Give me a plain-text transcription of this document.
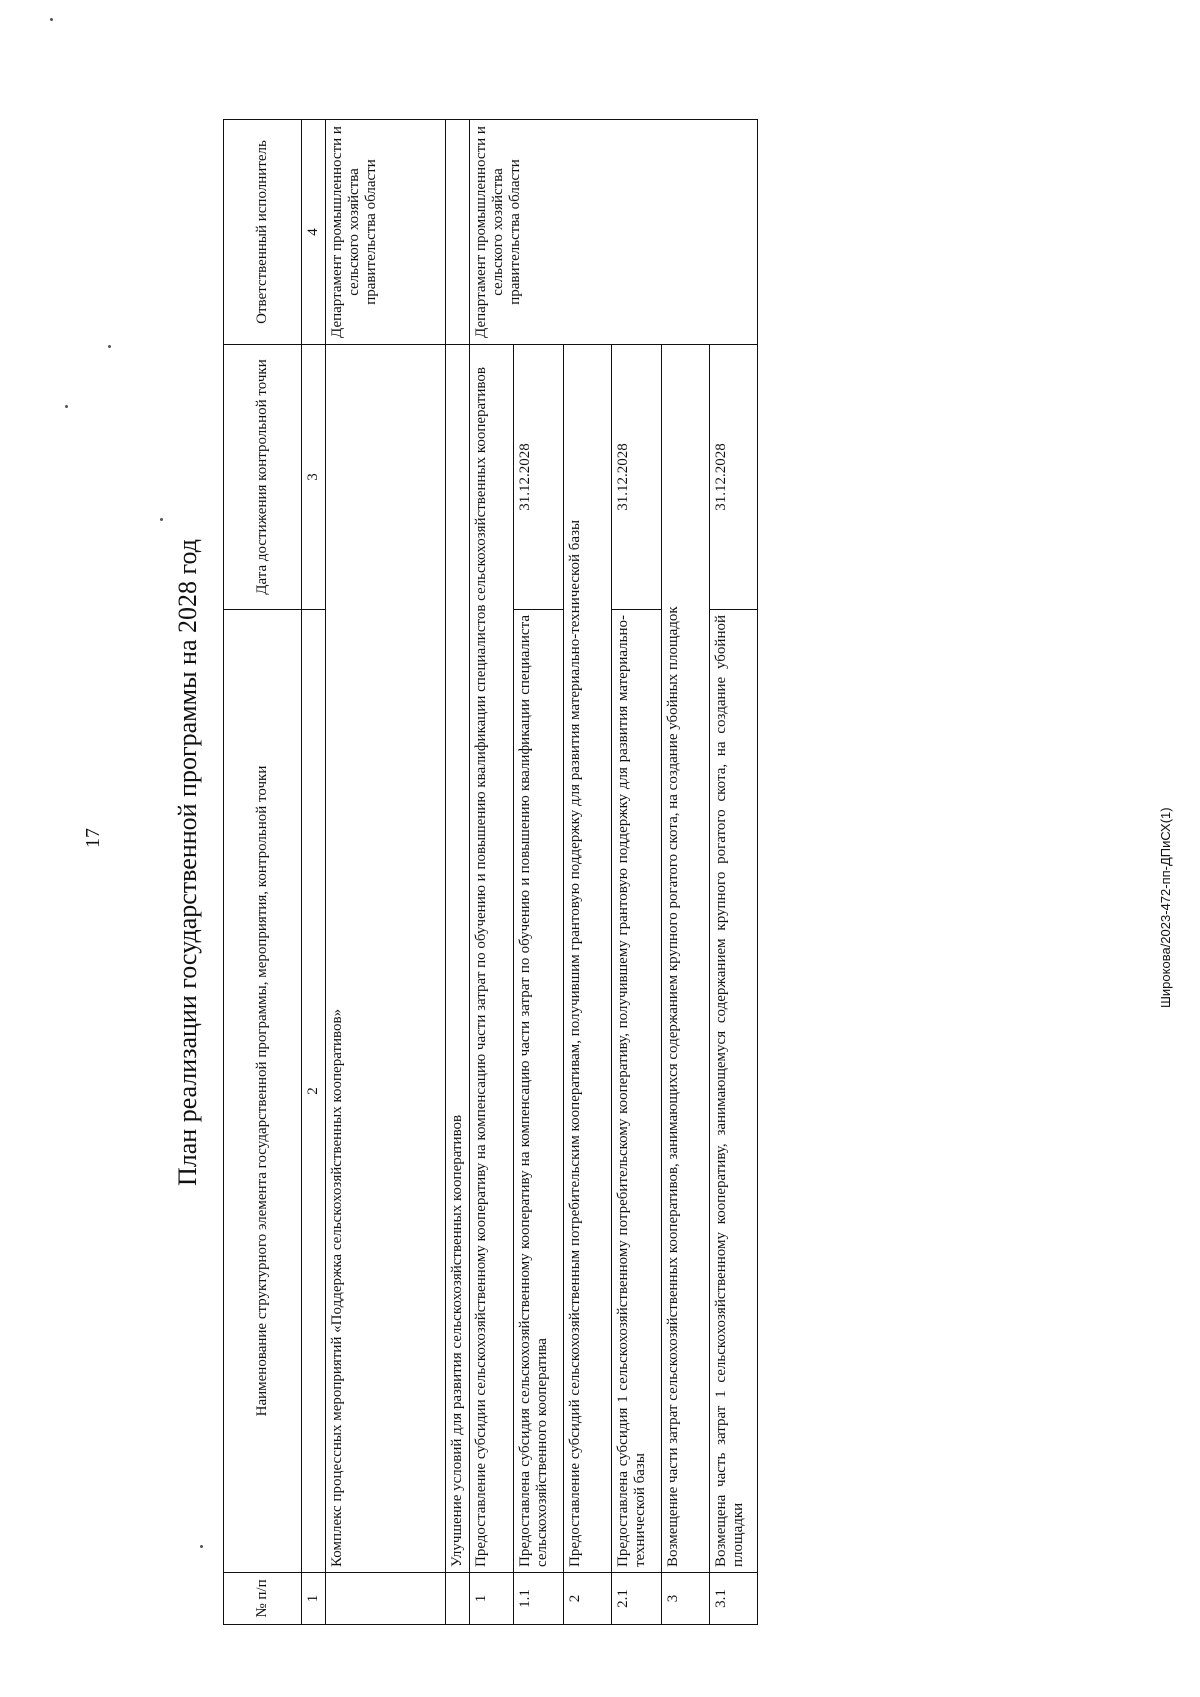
17	Широкова/2023-472-пп-ДПиСХ(1)
План реализации государственной программы на 2028 год
№ п/п	Наименование структурного элемента государственной программы, мероприятия, контрольной точки	Дата достижения контрольной точки	Ответственный исполнитель
1	2	3	4
	Комплекс процессных мероприятий «Поддержка сельскохозяйственных кооперативов»		Департамент промышленности и сельского хозяйства правительства области
	Улучшение условий для развития сельскохозяйственных кооперативов		
1	Предоставление субсидии сельскохозяйственному кооперативу на компенсацию части затрат по обучению и повышению квалификации специалистов сельскохозяйственных кооперативов		Департамент промышленности и сельского хозяйства правительства области
1.1	Предоставлена субсидия сельскохозяйственному кооперативу на компенсацию части затрат по обучению и повышению квалификации специалиста сельскохозяйственного кооператива	31.12.2028	
2	Предоставление субсидий сельскохозяйственным потребительским кооперативам, получившим грантовую поддержку для развития материально-технической базы		
2.1	Предоставлена субсидия 1 сельскохозяйственному потребительскому кооперативу, получившему грантовую поддержку для развития материально-технической базы	31.12.2028	
3	Возмещение части затрат сельскохозяйственных кооперативов, занимающихся содержанием крупного рогатого скота, на создание убойных площадок		
3.1	Возмещена часть затрат 1 сельскохозяйственному кооперативу, занимающемуся содержанием крупного рогатого скота, на создание убойной площадки	31.12.2028	
